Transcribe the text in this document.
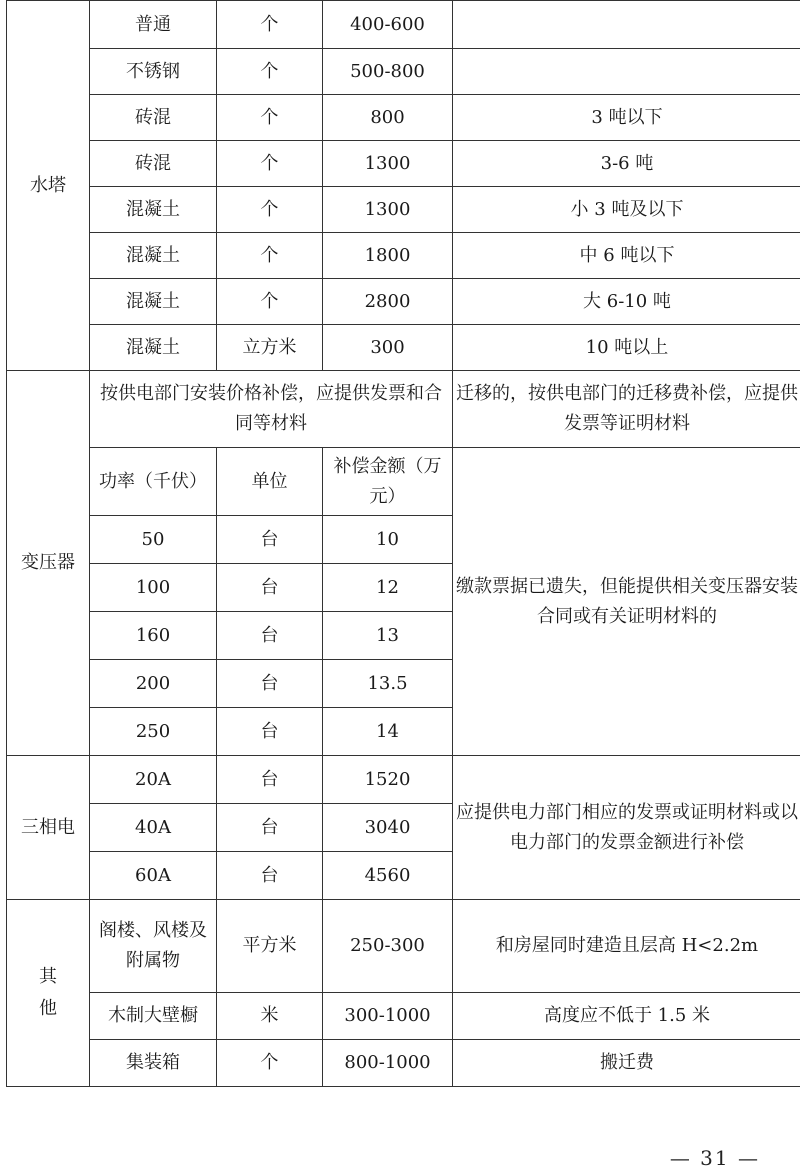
水塔	普通	个	400-600	
	不锈钢	个	500-800	
	砖混	个	800	3 吨以下
	砖混	个	1300	3-6 吨
	混凝土	个	1300	小 3 吨及以下
	混凝土	个	1800	中 6 吨以下
	混凝土	个	2800	大 6-10 吨
	混凝土	立方米	300	10 吨以上
变压器	按供电部门安装价格补偿，应提供发票和合同等材料			迁移的，按供电部门的迁移费补偿，应提供发票等证明材料
	功率（千伏）	单位	补偿金额（万元）	缴款票据已遗失，但能提供相关变压器安装合同或有关证明材料的
	50	台	10	
	100	台	12	
	160	台	13	
	200	台	13.5	
	250	台	14	
三相电	20A	台	1520	应提供电力部门相应的发票或证明材料或以电力部门的发票金额进行补偿
	40A	台	3040	
	60A	台	4560	

其他	阁楼、风楼及附属物	平方米	250-300	和房屋同时建造且层高 H<2.2m
	木制大壁橱	米	300-1000	高度应不低于 1.5 米
	集装箱	个	800-1000	搬迁费
— 31 —
